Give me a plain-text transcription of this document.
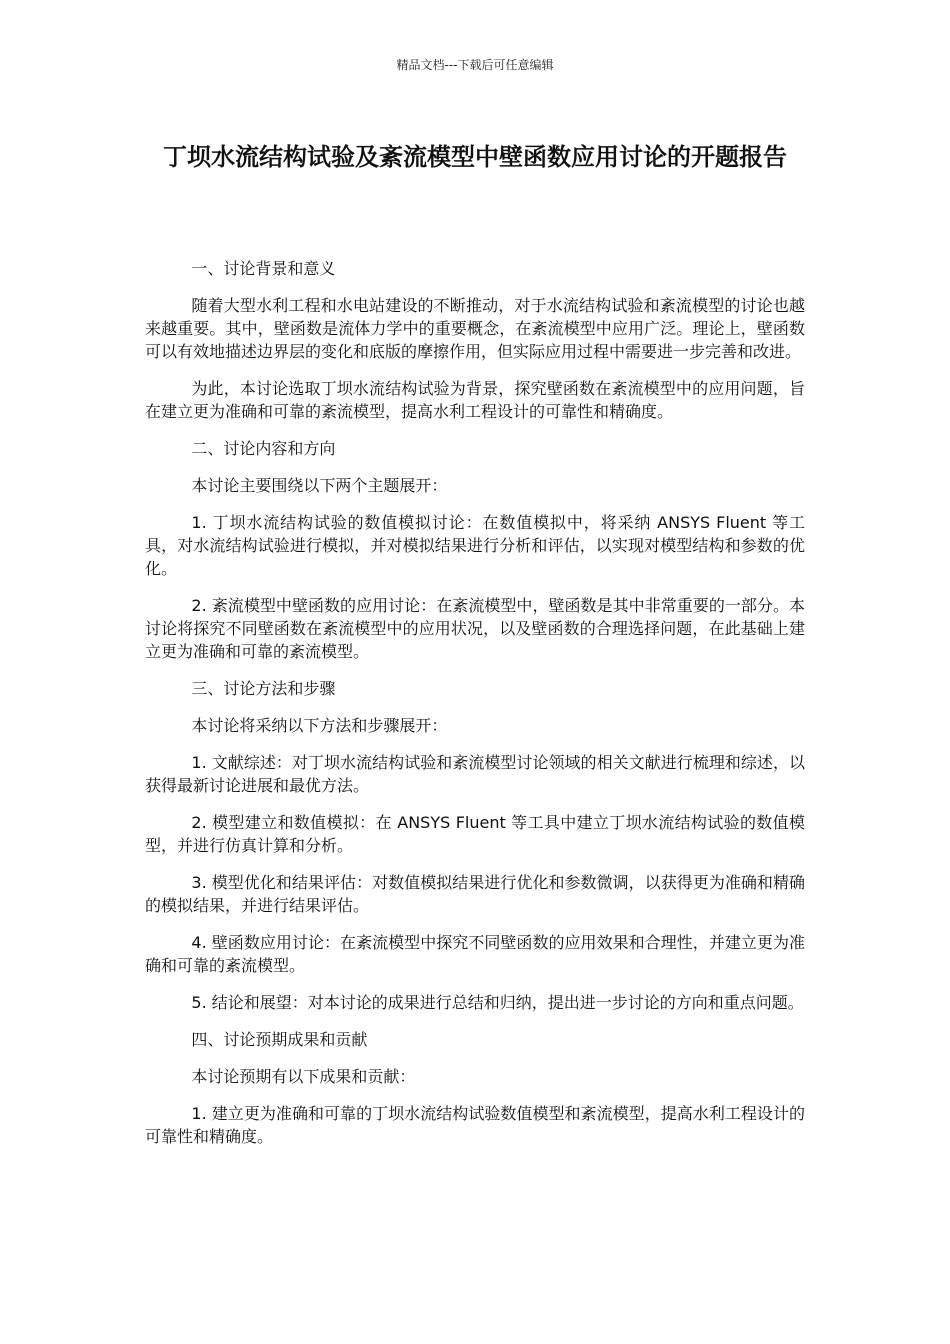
精品文档---下载后可任意编辑
丁坝水流结构试验及紊流模型中壁函数应用讨论的开题报告

一、讨论背景和意义

随着大型水利工程和水电站建设的不断推动，对于水流结构试验和紊流模型的讨论也越来越重要。其中，壁函数是流体力学中的重要概念，在紊流模型中应用广泛。理论上，壁函数可以有效地描述边界层的变化和底版的摩擦作用，但实际应用过程中需要进一步完善和改进。

为此，本讨论选取丁坝水流结构试验为背景，探究壁函数在紊流模型中的应用问题，旨在建立更为准确和可靠的紊流模型，提高水利工程设计的可靠性和精确度。

二、讨论内容和方向

本讨论主要围绕以下两个主题展开：

1. 丁坝水流结构试验的数值模拟讨论：在数值模拟中，将采纳 ANSYS Fluent 等工具，对水流结构试验进行模拟，并对模拟结果进行分析和评估，以实现对模型结构和参数的优化。

2. 紊流模型中壁函数的应用讨论：在紊流模型中，壁函数是其中非常重要的一部分。本讨论将探究不同壁函数在紊流模型中的应用状况，以及壁函数的合理选择问题，在此基础上建立更为准确和可靠的紊流模型。

三、讨论方法和步骤

本讨论将采纳以下方法和步骤展开：

1. 文献综述：对丁坝水流结构试验和紊流模型讨论领域的相关文献进行梳理和综述，以获得最新讨论进展和最优方法。

2. 模型建立和数值模拟：在 ANSYS Fluent 等工具中建立丁坝水流结构试验的数值模型，并进行仿真计算和分析。

3. 模型优化和结果评估：对数值模拟结果进行优化和参数微调，以获得更为准确和精确的模拟结果，并进行结果评估。

4. 壁函数应用讨论：在紊流模型中探究不同壁函数的应用效果和合理性，并建立更为准确和可靠的紊流模型。

5. 结论和展望：对本讨论的成果进行总结和归纳，提出进一步讨论的方向和重点问题。

四、讨论预期成果和贡献

本讨论预期有以下成果和贡献：

1. 建立更为准确和可靠的丁坝水流结构试验数值模型和紊流模型，提高水利工程设计的可靠性和精确度。
